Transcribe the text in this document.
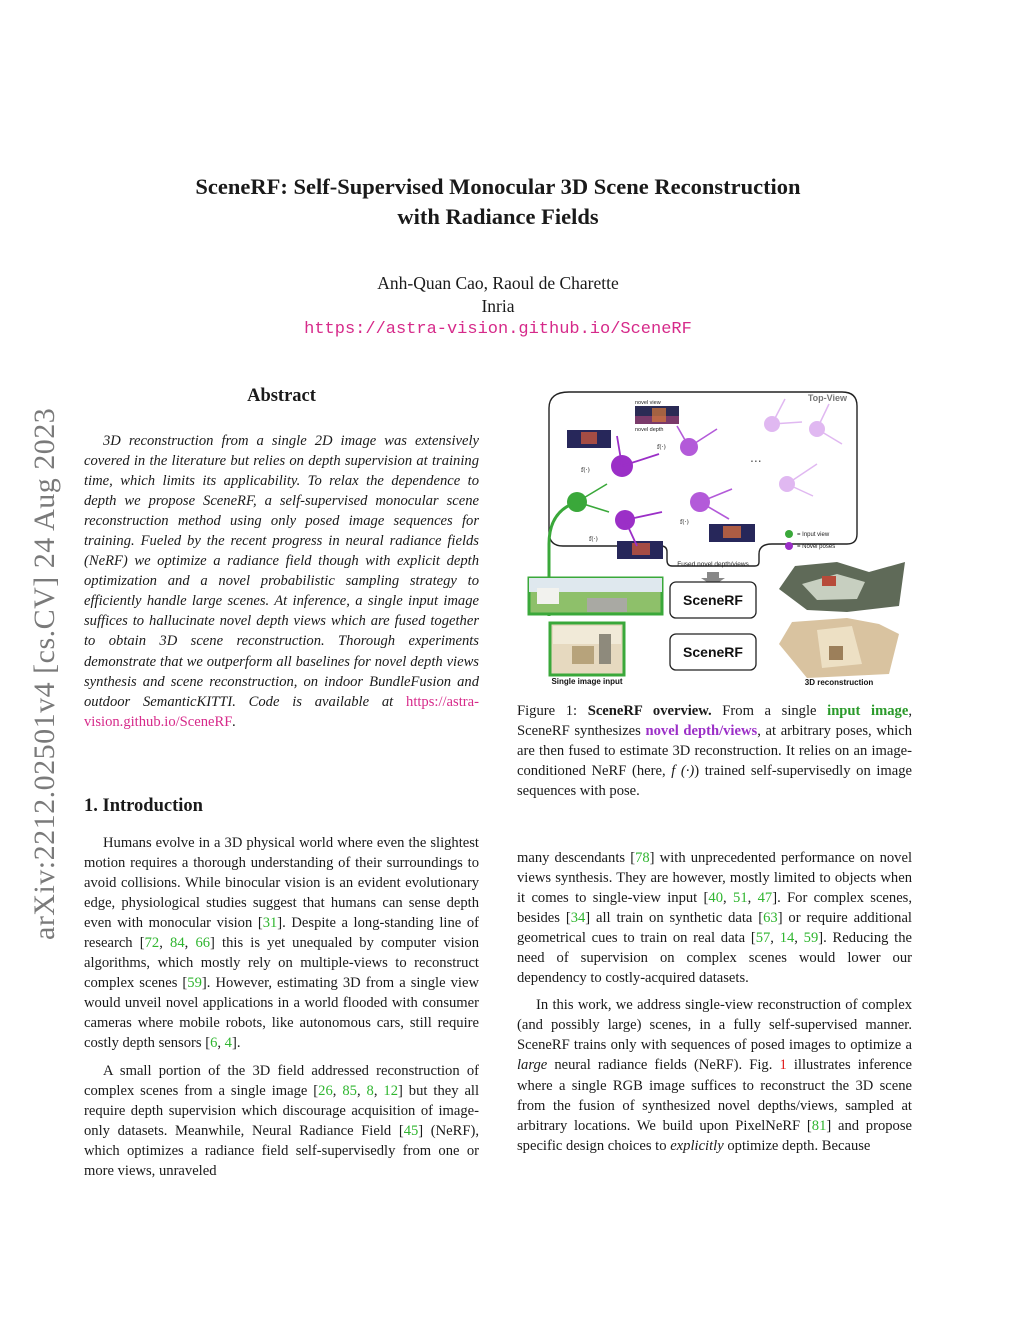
arXiv:2212.02501v4 [cs.CV] 24 Aug 2023
SceneRF: Self-Supervised Monocular 3D Scene Reconstruction
with Radiance Fields
Anh-Quan Cao, Raoul de Charette
Inria
https://astra-vision.github.io/SceneRF
Abstract

3D reconstruction from a single 2D image was extensively covered in the literature but relies on depth supervision at training time, which limits its applicability. To relax the dependence to depth we propose SceneRF, a self-supervised monocular scene reconstruction method using only posed image sequences for training. Fueled by the recent progress in neural radiance fields (NeRF) we optimize a radiance field though with explicit depth optimization and a novel probabilistic sampling strategy to efficiently handle large scenes. At inference, a single input image suffices to hallucinate novel depth views which are fused together to obtain 3D scene reconstruction. Thorough experiments demonstrate that we outperform all baselines for novel depth views synthesis and scene reconstruction, on indoor BundleFusion and outdoor SemanticKITTI. Code is available at https://astra-vision.github.io/SceneRF.

1. Introduction
Top-View
novel view
novel depth
...
f(·)
f(·)
f(·)
f(·)
= Input view
= Novel poses
Fused novel depth/views
SceneRF
SceneRF
Single image input	3D reconstruction

Figure 1: SceneRF overview. From a single input image, SceneRF synthesizes novel depth/views, at arbitrary poses, which are then fused to estimate 3D reconstruction. It relies on an image-conditioned NeRF (here, f (·)) trained self-supervisedly on image sequences with pose.

Humans evolve in a 3D physical world where even the slightest motion requires a thorough understanding of their surroundings to avoid collisions. While binocular vision is an evident evolutionary edge, physiological studies suggest that humans can sense depth even with monocular vision [31]. Despite a long-standing line of research [72, 84, 66] this is yet unequaled by computer vision algorithms, which mostly rely on multiple-views to reconstruct complex scenes [59]. However, estimating 3D from a single view would unveil novel applications in a world flooded with consumer cameras where mobile robots, like autonomous cars, still require costly depth sensors [6, 4].

A small portion of the 3D field addressed reconstruction of complex scenes from a single image [26, 85, 8, 12] but they all require depth supervision which discourage acquisition of image-only datasets. Meanwhile, Neural Radiance Field [45] (NeRF), which optimizes a radiance field self-supervisedly from one or more views, unraveled

many descendants [78] with unprecedented performance on novel views synthesis. They are however, mostly limited to objects when it comes to single-view input [40, 51, 47]. For complex scenes, besides [34] all train on synthetic data [63] or require additional geometrical cues to train on real data [57, 14, 59]. Reducing the need of supervision on complex scenes would lower our dependency to costly-acquired datasets.

In this work, we address single-view reconstruction of complex (and possibly large) scenes, in a fully self-supervised manner. SceneRF trains only with sequences of posed images to optimize a large neural radiance fields (NeRF). Fig. 1 illustrates inference where a single RGB image suffices to reconstruct the 3D scene from the fusion of synthesized novel depths/views, sampled at arbitrary locations. We build upon PixelNeRF [81] and propose specific design choices to explicitly optimize depth. Because
